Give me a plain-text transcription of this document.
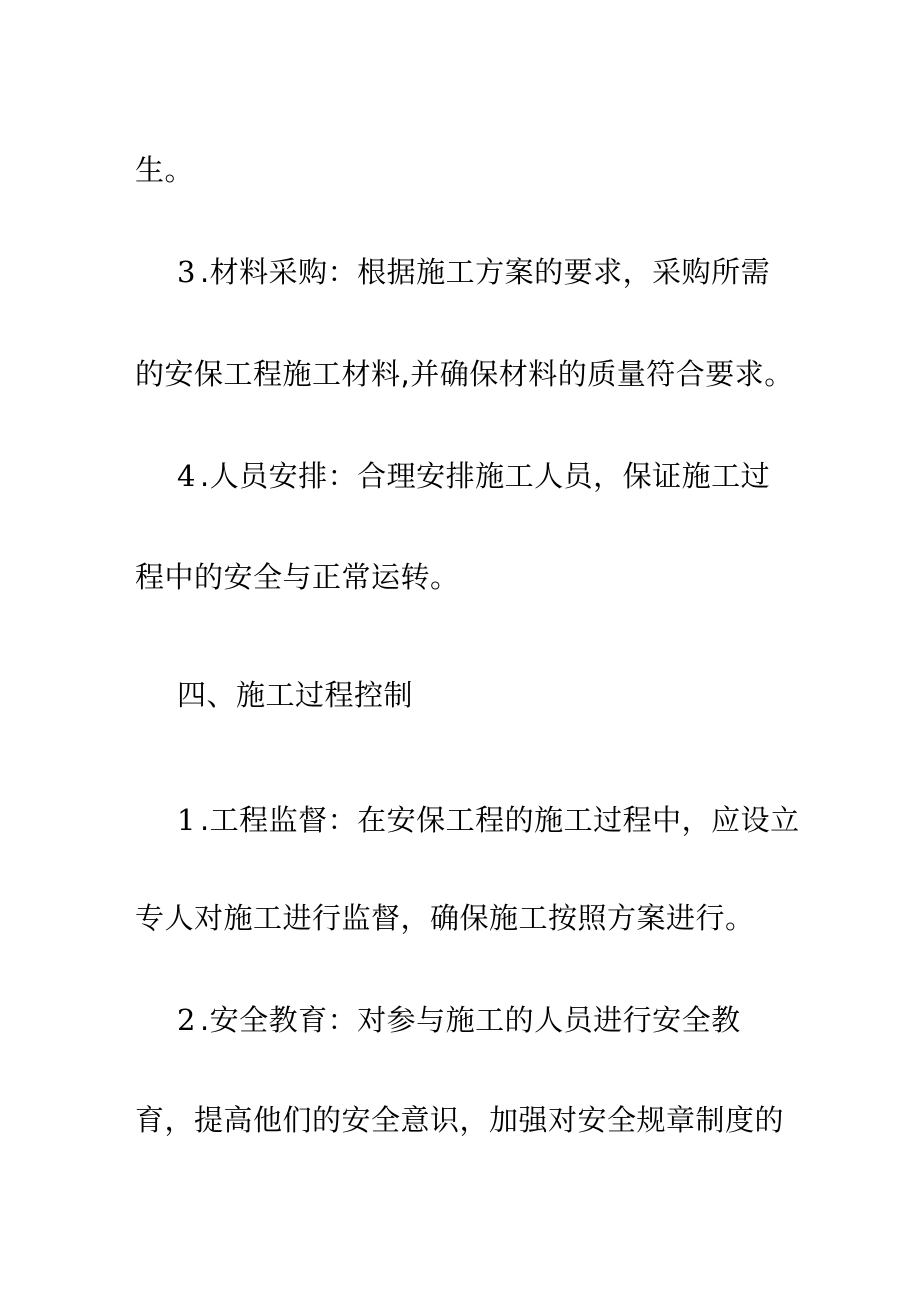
生。
3 .材料采购：根据施工方案的要求，采购所需
的安保工程施工材料,并确保材料的质量符合要求。
4 .人员安排：合理安排施工人员，保证施工过
程中的安全与正常运转。
四、施工过程控制
1 .工程监督：在安保工程的施工过程中，应设立
专人对施工进行监督，确保施工按照方案进行。
2 .安全教育：对参与施工的人员进行安全教
育，提高他们的安全意识，加强对安全规章制度的
